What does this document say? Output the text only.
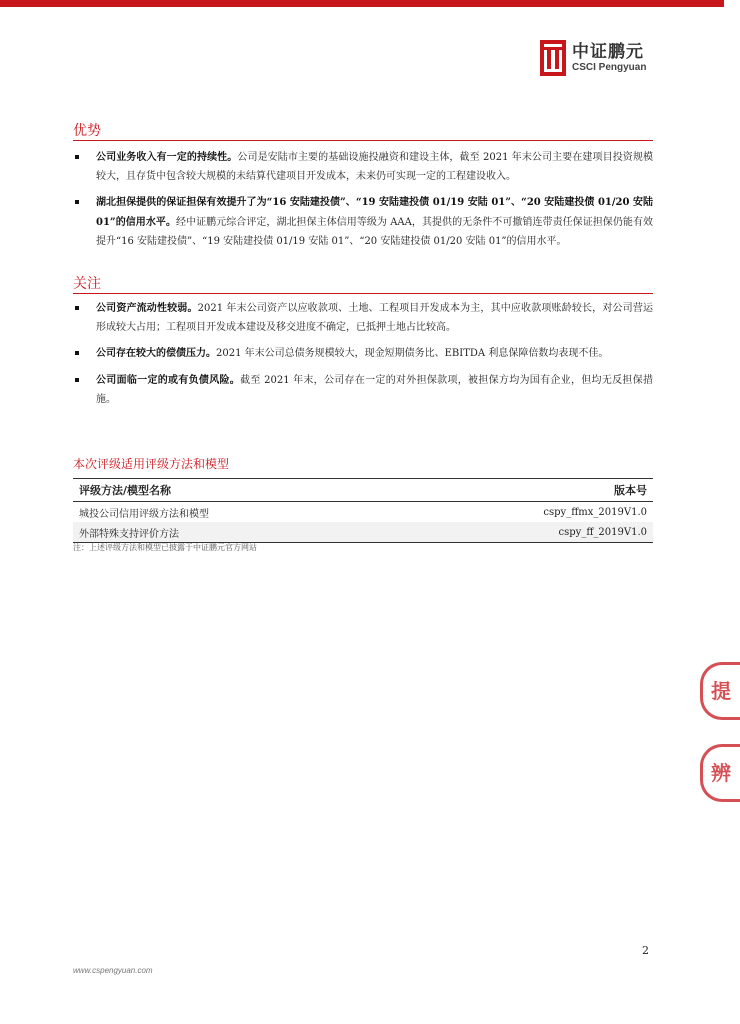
中证鹏元
CSCI Pengyuan
优势
公司业务收入有一定的持续性。公司是安陆市主要的基础设施投融资和建设主体，截至 2021 年末公司主要在建项目投资规模较大，且存货中包含较大规模的未结算代建项目开发成本，未来仍可实现一定的工程建设收入。
湖北担保提供的保证担保有效提升了为“16 安陆建投债”、“19 安陆建投债 01/19 安陆 01”、“20 安陆建投债 01/20 安陆 01”的信用水平。经中证鹏元综合评定，湖北担保主体信用等级为 AAA，其提供的无条件不可撤销连带责任保证担保仍能有效提升“16 安陆建投债”、“19 安陆建投债 01/19 安陆 01”、“20 安陆建投债 01/20 安陆 01”的信用水平。
关注
公司资产流动性较弱。2021 年末公司资产以应收款项、土地、工程项目开发成本为主，其中应收款项账龄较长，对公司营运形成较大占用；工程项目开发成本建设及移交进度不确定，已抵押土地占比较高。
公司存在较大的偿债压力。2021 年末公司总债务规模较大，现金短期债务比、EBITDA 利息保障倍数均表现不佳。
公司面临一定的或有负债风险。截至 2021 年末，公司存在一定的对外担保款项，被担保方均为国有企业，但均无反担保措施。
本次评级适用评级方法和模型
评级方法/模型名称	版本号
城投公司信用评级方法和模型	cspy_ffmx_2019V1.0
外部特殊支持评价方法	cspy_ff_2019V1.0
注：上述评级方法和模型已披露于中证鹏元官方网站
提
辨
2
www.cspengyuan.com
